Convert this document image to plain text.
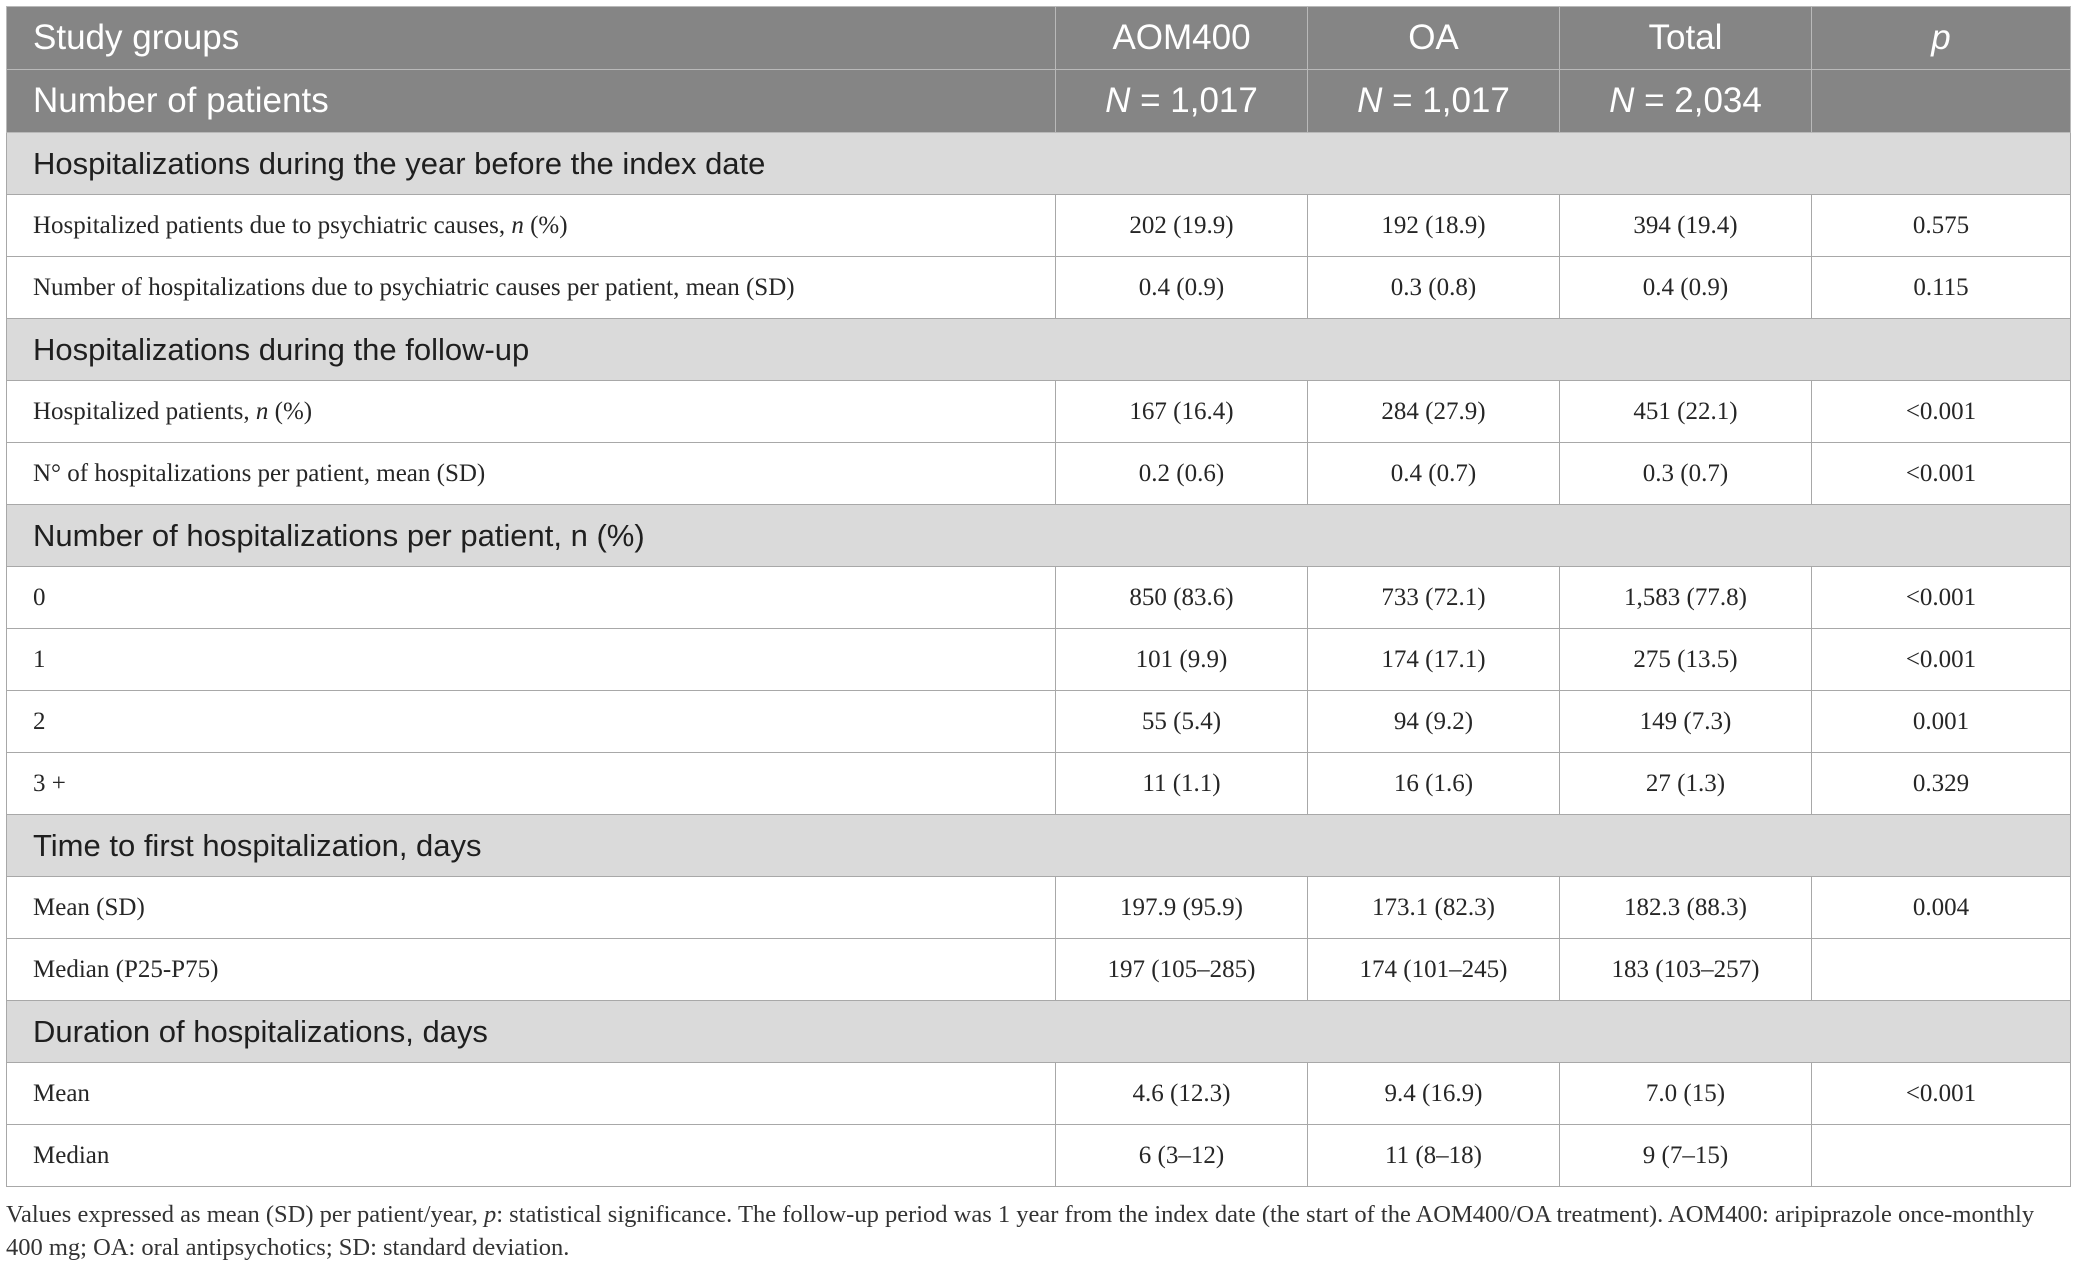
Study groups	AOM400	OA	Total	p
Number of patients	N = 1,017	N = 1,017	N = 2,034	
Hospitalizations during the year before the index date				
Hospitalized patients due to psychiatric causes, n (%)	202 (19.9)	192 (18.9)	394 (19.4)	0.575
Number of hospitalizations due to psychiatric causes per patient, mean (SD)	0.4 (0.9)	0.3 (0.8)	0.4 (0.9)	0.115
Hospitalizations during the follow-up				
Hospitalized patients, n (%)	167 (16.4)	284 (27.9)	451 (22.1)	<0.001
N° of hospitalizations per patient, mean (SD)	0.2 (0.6)	0.4 (0.7)	0.3 (0.7)	<0.001
Number of hospitalizations per patient, n (%)				
0	850 (83.6)	733 (72.1)	1,583 (77.8)	<0.001
1	101 (9.9)	174 (17.1)	275 (13.5)	<0.001
2	55 (5.4)	94 (9.2)	149 (7.3)	0.001
3 +	11 (1.1)	16 (1.6)	27 (1.3)	0.329
Time to first hospitalization, days				
Mean (SD)	197.9 (95.9)	173.1 (82.3)	182.3 (88.3)	0.004
Median (P25-P75)	197 (105–285)	174 (101–245)	183 (103–257)	
Duration of hospitalizations, days				
Mean	4.6 (12.3)	9.4 (16.9)	7.0 (15)	<0.001
Median	6 (3–12)	11 (8–18)	9 (7–15)	
Values expressed as mean (SD) per patient/year, p: statistical significance. The follow-up period was 1 year from the index date (the start of the AOM400/OA treatment). AOM400: aripiprazole once-monthly 400 mg; OA: oral antipsychotics; SD: standard deviation.
